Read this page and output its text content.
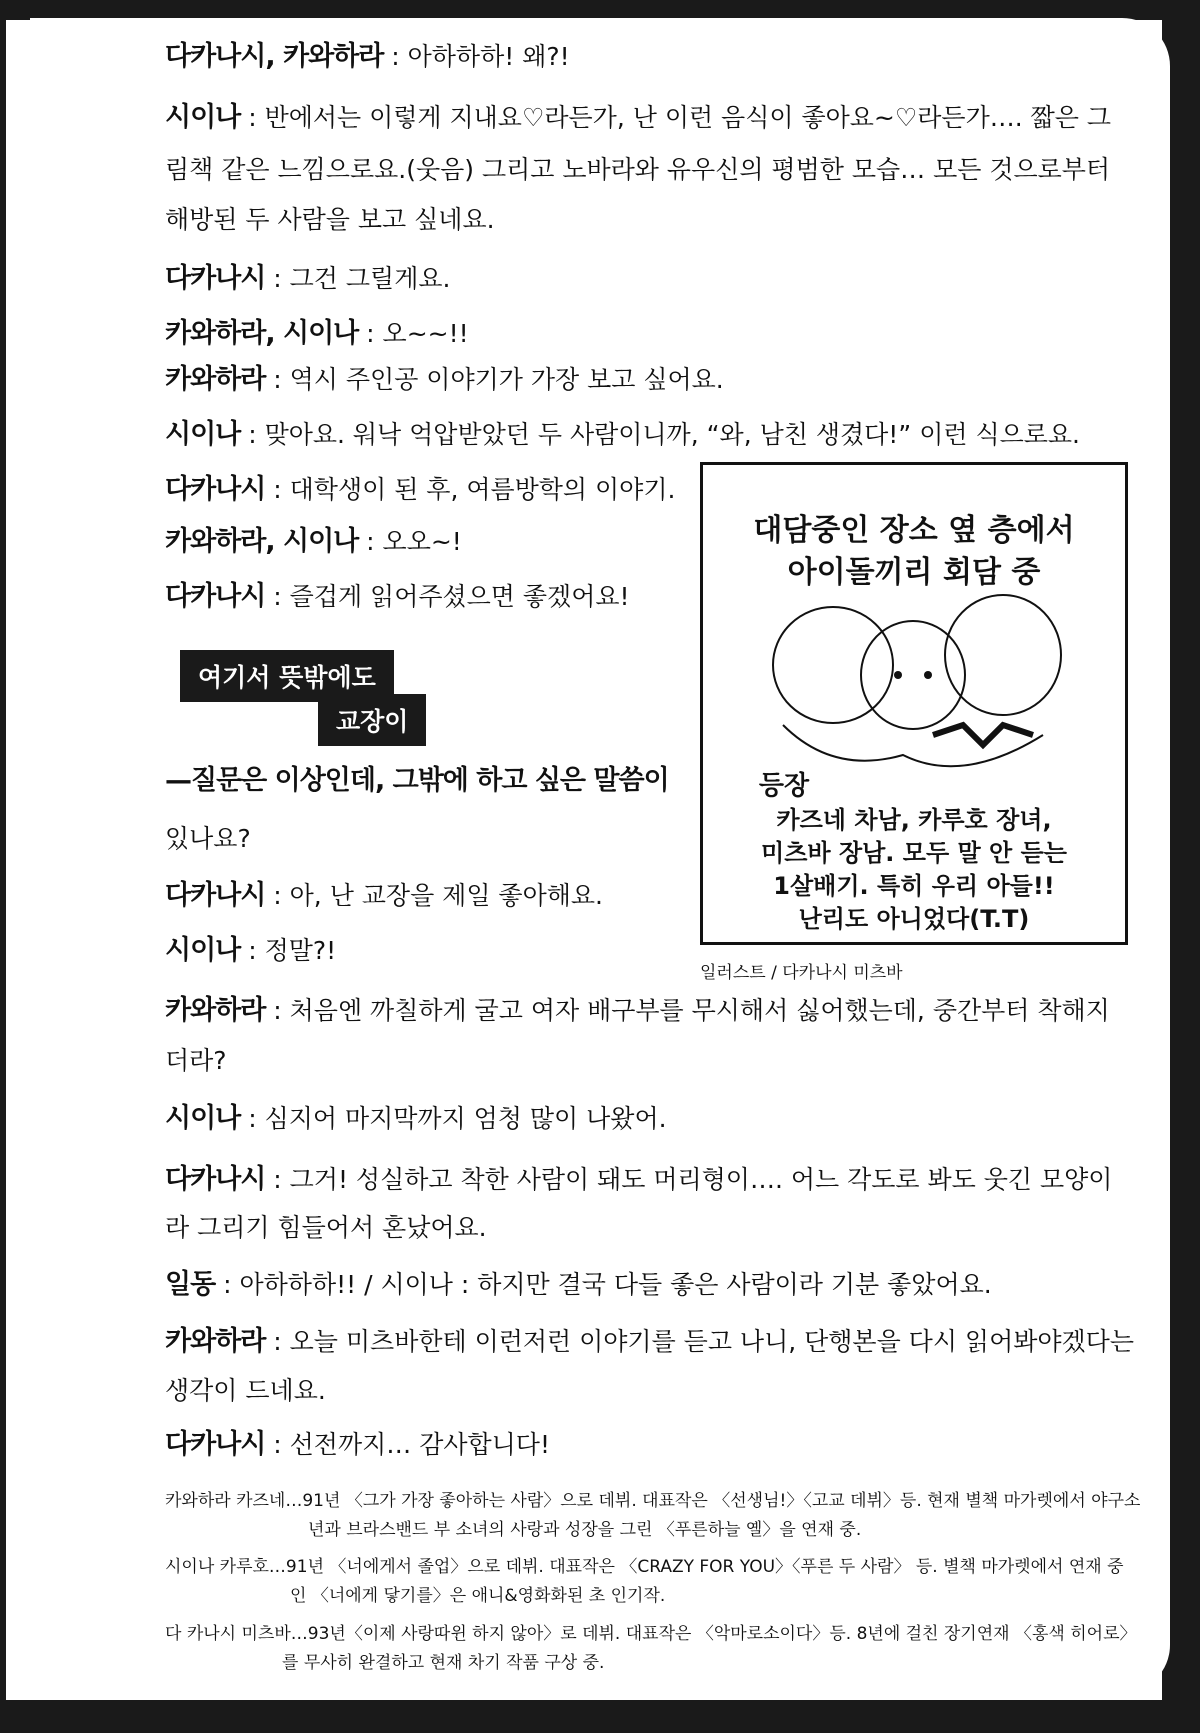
다카나시, 카와하라 : 아하하하! 왜?!
시이나 : 반에서는 이렇게 지내요♡라든가, 난 이런 음식이 좋아요~♡라든가…. 짧은 그
림책 같은 느낌으로요.(웃음) 그리고 노바라와 유우신의 평범한 모습… 모든 것으로부터
해방된 두 사람을 보고 싶네요.
다카나시 : 그건 그릴게요.
카와하라, 시이나 : 오~~!!
카와하라 : 역시 주인공 이야기가 가장 보고 싶어요.
시이나 : 맞아요. 워낙 억압받았던 두 사람이니까, “와, 남친 생겼다!” 이런 식으로요.
다카나시 : 대학생이 된 후, 여름방학의 이야기.
카와하라, 시이나 : 오오~!
다카나시 : 즐겁게 읽어주셨으면 좋겠어요!
여기서 뜻밖에도
교장이
—질문은 이상인데, 그밖에 하고 싶은 말씀이
있나요?
다카나시 : 아, 난 교장을 제일 좋아해요.
시이나 : 정말?!
카와하라 : 처음엔 까칠하게 굴고 여자 배구부를 무시해서 싫어했는데, 중간부터 착해지
더라?
시이나 : 심지어 마지막까지 엄청 많이 나왔어.
다카나시 : 그거! 성실하고 착한 사람이 돼도 머리형이…. 어느 각도로 봐도 웃긴 모양이
라 그리기 힘들어서 혼났어요.
일동 : 아하하하!! / 시이나 : 하지만 결국 다들 좋은 사람이라 기분 좋았어요.
카와하라 : 오늘 미츠바한테 이런저런 이야기를 듣고 나니, 단행본을 다시 읽어봐야겠다는
생각이 드네요.
다카나시 : 선전까지… 감사합니다!
대담중인 장소 옆 층에서
아이돌끼리 회담 중
등장
카즈네 차남, 카루호 장녀,
미츠바 장남. 모두 말 안 듣는
1살배기. 특히 우리 아들!!
난리도 아니었다(T.T)
일러스트 / 다카나시 미츠바
카와하라 카즈네…91년 〈그가 가장 좋아하는 사람〉으로 데뷔. 대표작은 〈선생님!〉〈고교 데뷔〉등. 현재 별책 마가렛에서 야구소
년과 브라스밴드 부 소녀의 사랑과 성장을 그린 〈푸른하늘 옐〉을 연재 중.
시이나 카루호…91년 〈너에게서 졸업〉으로 데뷔. 대표작은 〈CRAZY FOR YOU〉〈푸른 두 사람〉 등. 별책 마가렛에서 연재 중
인 〈너에게 닿기를〉은 애니&영화화된 초 인기작.
다 카나시 미츠바…93년〈이제 사랑따윈 하지 않아〉로 데뷔. 대표작은 〈악마로소이다〉등. 8년에 걸친 장기연재 〈홍색 히어로〉
를 무사히 완결하고 현재 차기 작품 구상 중.
